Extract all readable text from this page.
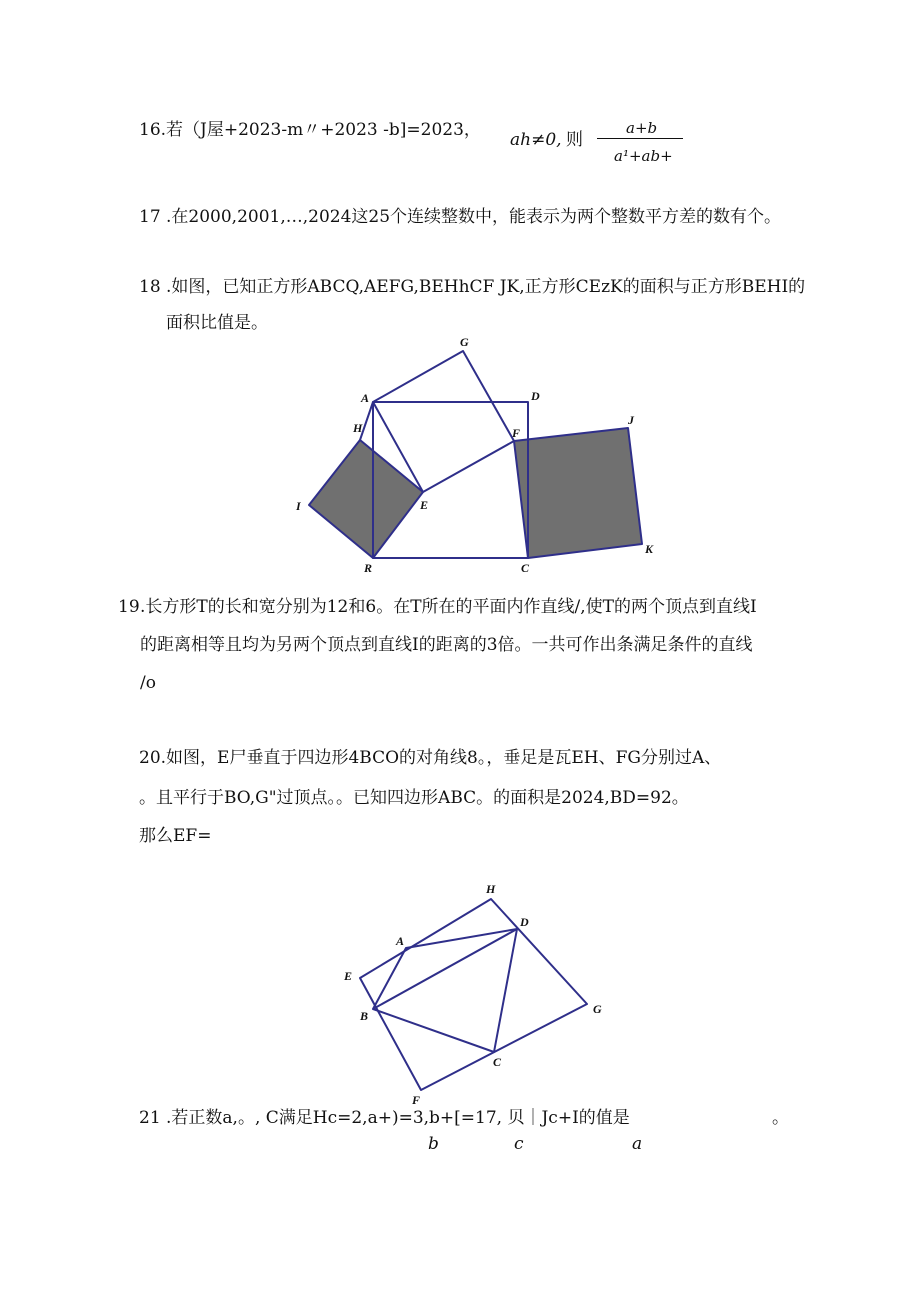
16.若（J屋+2023-m〃+2023 -b]=2023， ah≠0, 则
a+b
a¹+ab+
17 .在2000,2001,…,2024这25个连续整数中，能表示为两个整数平方差的数有个。
18 .如图，已知正方形ABCQ,AEFG,BEHhCF JK,正方形CEzK的面积与正方形BEHI的
面积比值是。
G
A	D
H
J
F
I	E
R	C
K
19 .长方形T的长和宽分别为12和6。在T所在的平面内作直线/,使T的两个顶点到直线I
的距离相等且均为另两个顶点到直线I的距离的3倍。一共可作出条满足条件的直线
/o
20.如图，E尸垂直于四边形4BCO的对角线8。，垂足是瓦EH、FG分别过A、
。且平行于BO,G"过顶点。。已知四边形ABC。的面积是2024,BD=92。
那么EF=
H
D
A
E
B	G
C
F
21 .若正数a,。, C满足Hc=2,a+)=3,b+[=17, 贝｜Jc+I的值是	。
b	c	a
